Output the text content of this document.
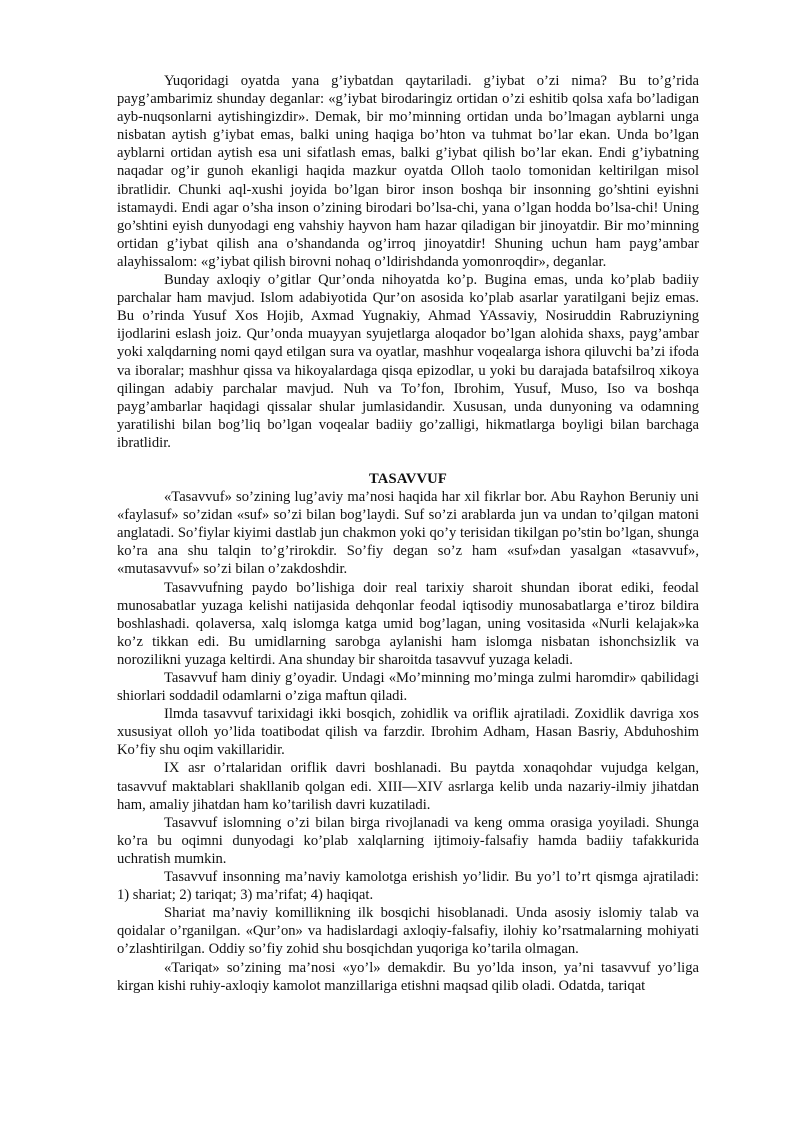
Yuqoridagi oyatda yana g’iybatdan qaytariladi. g’iybat o’zi nima? Bu to’g’rida payg’ambarimiz shunday deganlar: «g’iybat birodaringiz ortidan o’zi eshitib qolsa xafa bo’ladigan ayb-nuqsonlarni aytishingizdir». Demak, bir mo’minning ortidan unda bo’lmagan ayblarni unga nisbatan aytish g’iybat emas, balki uning haqiga bo’hton va tuhmat bo’lar ekan. Unda bo’lgan ayblarni ortidan aytish esa uni sifatlash emas, balki g’iybat qilish bo’lar ekan. Endi g’iybatning naqadar og’ir gunoh ekanligi haqida mazkur oyatda Olloh taolo tomonidan keltirilgan misol ibratlidir. Chunki aql-xushi joyida bo’lgan biror inson boshqa bir insonning go’shtini eyishni istamaydi. Endi agar o’sha inson o’zining birodari bo’lsa-chi, yana o’lgan hodda bo’lsa-chi! Uning go’shtini eyish dunyodagi eng vahshiy hayvon ham hazar qiladigan bir jinoyatdir. Bir mo’minning ortidan g’iybat qilish ana o’shandanda og’irroq jinoyatdir! Shuning uchun ham payg’ambar alayhissalom: «g’iybat qilish birovni nohaq o’ldirishdanda yomonroqdir», deganlar.

Bunday axloqiy o’gitlar Qur’onda nihoyatda ko’p. Bugina emas, unda ko’plab badiiy parchalar ham mavjud. Islom adabiyotida Qur’on asosida ko’plab asarlar yaratilgani bejiz emas. Bu o’rinda Yusuf Xos Hojib, Axmad Yugnakiy, Ahmad YAssaviy, Nosiruddin Rabruziyning ijodlarini eslash joiz. Qur’onda muayyan syujetlarga aloqador bo’lgan alohida shaxs, payg’ambar yoki xalqdarning nomi qayd etilgan sura va oyatlar, mashhur voqealarga ishora qiluvchi ba’zi ifoda va iboralar; mashhur qissa va hikoyalardaga qisqa epizodlar, u yoki bu darajada batafsilroq xikoya qilingan adabiy parchalar mavjud. Nuh va To’fon, Ibrohim, Yusuf, Muso, Iso va boshqa payg’ambarlar haqidagi qissalar shular jumlasidandir. Xususan, unda dunyoning va odamning yaratilishi bilan bog’liq bo’lgan voqealar badiiy go’zalligi, hikmatlarga boyligi bilan barchaga ibratlidir.

TASAVVUF

«Tasavvuf» so’zining lug’aviy ma’nosi haqida har xil fikrlar bor. Abu Rayhon Beruniy uni «faylasuf» so’zidan «suf» so’zi bilan bog’laydi. Suf so’zi arablarda jun va undan to’qilgan matoni anglatadi. So’fiylar kiyimi dastlab jun chakmon yoki qo’y terisidan tikilgan po’stin bo’lgan, shunga ko’ra ana shu talqin to’g’rirokdir. So’fiy degan so’z ham «suf»dan yasalgan «tasavvuf», «mutasavvuf» so’zi bilan o’zakdoshdir.

Tasavvufning paydo bo’lishiga doir real tarixiy sharoit shundan iborat ediki, feodal munosabatlar yuzaga kelishi natijasida dehqonlar feodal iqtisodiy munosabatlarga e’tiroz bildira boshlashadi. qolaversa, xalq islomga katga umid bog’lagan, uning vositasida «Nurli kelajak»ka ko’z tikkan edi. Bu umidlarning sarobga aylanishi ham islomga nisbatan ishonchsizlik va norozilikni yuzaga keltirdi. Ana shunday bir sharoitda tasavvuf yuzaga keladi.

Tasavvuf ham diniy g’oyadir. Undagi «Mo’minning mo’minga zulmi haromdir» qabilidagi shiorlari soddadil odamlarni o’ziga maftun qiladi.

Ilmda tasavvuf tarixidagi ikki bosqich, zohidlik va oriflik ajratiladi. Zoxidlik davriga xos xususiyat olloh yo’lida toatibodat qilish va farzdir. Ibrohim Adham, Hasan Basriy, Abduhoshim Ko’fiy shu oqim vakillaridir.

IX asr o’rtalaridan oriflik davri boshlanadi. Bu paytda xonaqohdar vujudga kelgan, tasavvuf maktablari shakllanib qolgan edi. XIII—XIV asrlarga kelib unda nazariy-ilmiy jihatdan ham, amaliy jihatdan ham ko’tarilish davri kuzatiladi.

Tasavvuf islomning o’zi bilan birga rivojlanadi va keng omma orasiga yoyiladi. Shunga ko’ra bu oqimni dunyodagi ko’plab xalqlarning ijtimoiy-falsafiy hamda badiiy tafakkurida uchratish mumkin.

Tasavvuf insonning ma’naviy kamolotga erishish yo’lidir. Bu yo’l to’rt qismga ajratiladi: 1) shariat; 2) tariqat; 3) ma’rifat; 4) haqiqat.

Shariat ma’naviy komillikning ilk bosqichi hisoblanadi. Unda asosiy islomiy talab va qoidalar o’rganilgan. «Qur’on» va hadislardagi axloqiy-falsafiy, ilohiy ko’rsatmalarning mohiyati o’zlashtirilgan. Oddiy so’fiy zohid shu bosqichdan yuqoriga ko’tarila olmagan.

«Tariqat» so’zining ma’nosi «yo’l» demakdir. Bu yo’lda inson, ya’ni tasavvuf yo’liga kirgan kishi ruhiy-axloqiy kamolot manzillariga etishni maqsad qilib oladi. Odatda, tariqat
